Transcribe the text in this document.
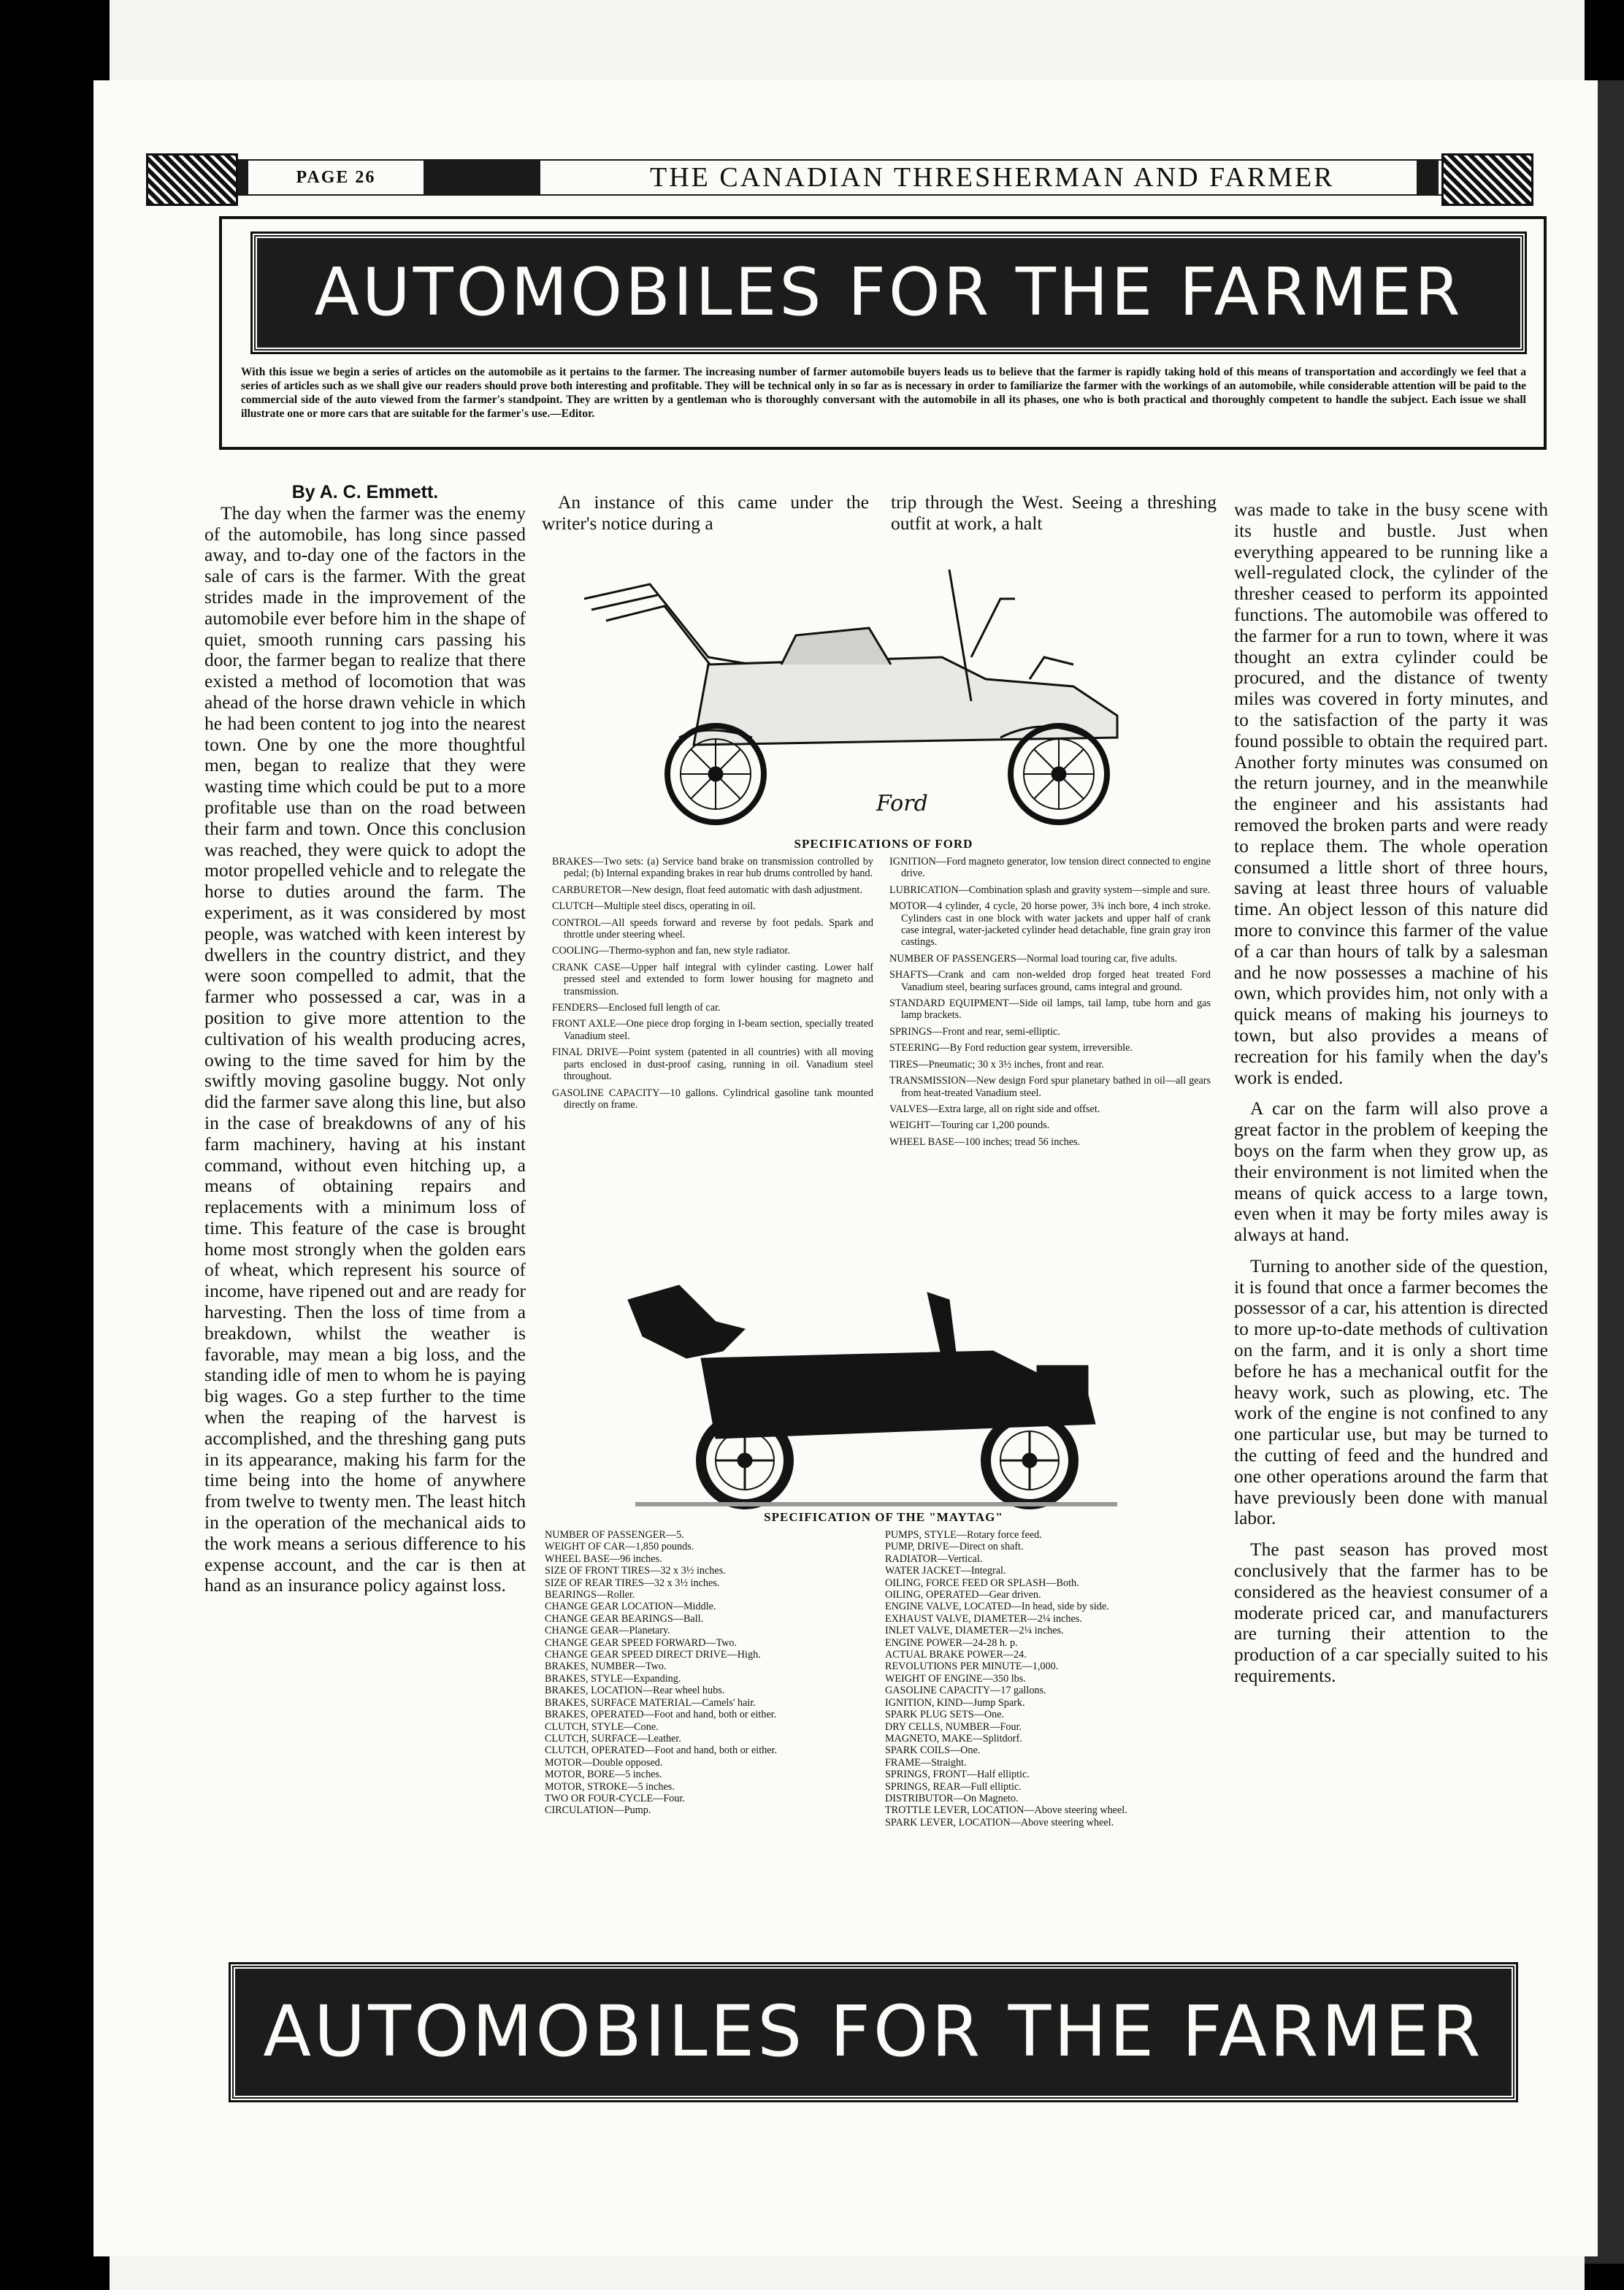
PAGE 26	THE CANADIAN THRESHERMAN AND FARMER
AUTOMOBILES FOR THE FARMER
With this issue we begin a series of articles on the automobile as it pertains to the farmer. The increasing number of farmer automobile buyers leads us to believe that the farmer is rapidly taking hold of this means of transportation and accordingly we feel that a series of articles such as we shall give our readers should prove both interesting and profitable. They will be technical only in so far as is necessary in order to familiarize the farmer with the workings of an automobile, while considerable attention will be paid to the commercial side of the auto viewed from the farmer's standpoint. They are written by a gentleman who is thoroughly conversant with the automobile in all its phases, one who is both practical and thoroughly competent to handle the subject. Each issue we shall illustrate one or more cars that are suitable for the farmer's use.—Editor.

By A. C. Emmett.

The day when the farmer was the enemy of the automobile, has long since passed away, and to-day one of the factors in the sale of cars is the farmer. With the great strides made in the improvement of the automobile ever before him in the shape of quiet, smooth running cars passing his door, the farmer began to realize that there existed a method of locomotion that was ahead of the horse drawn vehicle in which he had been content to jog into the nearest town. One by one the more thoughtful men, began to realize that they were wasting time which could be put to a more profitable use than on the road between their farm and town. Once this conclusion was reached, they were quick to adopt the motor propelled vehicle and to relegate the horse to duties around the farm. The experiment, as it was considered by most people, was watched with keen interest by dwellers in the country district, and they were soon compelled to admit, that the farmer who possessed a car, was in a position to give more attention to the cultivation of his wealth producing acres, owing to the time saved for him by the swiftly moving gasoline buggy. Not only did the farmer save along this line, but also in the case of breakdowns of any of his farm machinery, having at his instant command, without even hitching up, a means of obtaining repairs and replacements with a minimum loss of time. This feature of the case is brought home most strongly when the golden ears of wheat, which represent his source of income, have ripened out and are ready for harvesting. Then the loss of time from a breakdown, whilst the weather is favorable, may mean a big loss, and the standing idle of men to whom he is paying big wages. Go a step further to the time when the reaping of the harvest is accomplished, and the threshing gang puts in its appearance, making his farm for the time being into the home of anywhere from twelve to twenty men. The least hitch in the operation of the mechanical aids to the work means a serious difference to his expense account, and the car is then at hand as an insurance policy against loss.

An instance of this came under the writer's notice during a

trip through the West. Seeing a threshing outfit at work, a halt

was made to take in the busy scene with its hustle and bustle. Just when everything appeared to be running like a well-regulated clock, the cylinder of the thresher ceased to perform its appointed functions. The automobile was offered to the farmer for a run to town, where it was thought an extra cylinder could be procured, and the distance of twenty miles was covered in forty minutes, and to the satisfaction of the party it was found possible to obtain the required part. Another forty minutes was consumed on the return journey, and in the meanwhile the engineer and his assistants had removed the broken parts and were ready to replace them. The whole operation consumed a little short of three hours, saving at least three hours of valuable time. An object lesson of this nature did more to convince this farmer of the value of a car than hours of talk by a salesman and he now possesses a machine of his own, which provides him, not only with a quick means of making his journeys to town, but also provides a means of recreation for his family when the day's work is ended.

A car on the farm will also prove a great factor in the problem of keeping the boys on the farm when they grow up, as their environment is not limited when the means of quick access to a large town, even when it may be forty miles away is always at hand.

Turning to another side of the question, it is found that once a farmer becomes the possessor of a car, his attention is directed to more up-to-date methods of cultivation on the farm, and it is only a short time before he has a mechanical outfit for the heavy work, such as plowing, etc. The work of the engine is not confined to any one particular use, but may be turned to the cutting of feed and the hundred and one other operations around the farm that have previously been done with manual labor.

The past season has proved most conclusively that the farmer has to be considered as the heaviest consumer of a moderate priced car, and manufacturers are turning their attention to the production of a car specially suited to his requirements.

Ford
SPECIFICATIONS OF FORD
BRAKES—Two sets: (a) Service band brake on transmission controlled by pedal; (b) Internal expanding brakes in rear hub drums controlled by hand.
CARBURETOR—New design, float feed automatic with dash adjustment.
CLUTCH—Multiple steel discs, operating in oil.
CONTROL—All speeds forward and reverse by foot pedals. Spark and throttle under steering wheel.
COOLING—Thermo-syphon and fan, new style radiator.
CRANK CASE—Upper half integral with cylinder casting. Lower half pressed steel and extended to form lower housing for magneto and transmission.
FENDERS—Enclosed full length of car.
FRONT AXLE—One piece drop forging in I-beam section, specially treated Vanadium steel.
FINAL DRIVE—Point system (patented in all countries) with all moving parts enclosed in dust-proof casing, running in oil. Vanadium steel throughout.
GASOLINE CAPACITY—10 gallons. Cylindrical gasoline tank mounted directly on frame.
IGNITION—Ford magneto generator, low tension direct connected to engine drive.
LUBRICATION—Combination splash and gravity system—simple and sure.
MOTOR—4 cylinder, 4 cycle, 20 horse power, 3¾ inch bore, 4 inch stroke. Cylinders cast in one block with water jackets and upper half of crank case integral, water-jacketed cylinder head detachable, fine grain gray iron castings.
NUMBER OF PASSENGERS—Normal load touring car, five adults.
SHAFTS—Crank and cam non-welded drop forged heat treated Ford Vanadium steel, bearing surfaces ground, cams integral and ground.
STANDARD EQUIPMENT—Side oil lamps, tail lamp, tube horn and gas lamp brackets.
SPRINGS—Front and rear, semi-elliptic.
STEERING—By Ford reduction gear system, irreversible.
TIRES—Pneumatic; 30 x 3½ inches, front and rear.
TRANSMISSION—New design Ford spur planetary bathed in oil—all gears from heat-treated Vanadium steel.
VALVES—Extra large, all on right side and offset.
WEIGHT—Touring car 1,200 pounds.
WHEEL BASE—100 inches; tread 56 inches.
SPECIFICATION OF THE "MAYTAG"
NUMBER OF PASSENGER—5.
WEIGHT OF CAR—1,850 pounds.
WHEEL BASE—96 inches.
SIZE OF FRONT TIRES—32 x 3½ inches.
SIZE OF REAR TIRES—32 x 3½ inches.
BEARINGS—Roller.
CHANGE GEAR LOCATION—Middle.
CHANGE GEAR BEARINGS—Ball.
CHANGE GEAR—Planetary.
CHANGE GEAR SPEED FORWARD—Two.
CHANGE GEAR SPEED DIRECT DRIVE—High.
BRAKES, NUMBER—Two.
BRAKES, STYLE—Expanding.
BRAKES, LOCATION—Rear wheel hubs.
BRAKES, SURFACE MATERIAL—Camels' hair.
BRAKES, OPERATED—Foot and hand, both or either.
CLUTCH, STYLE—Cone.
CLUTCH, SURFACE—Leather.
CLUTCH, OPERATED—Foot and hand, both or either.
MOTOR—Double opposed.
MOTOR, BORE—5 inches.
MOTOR, STROKE—5 inches.
TWO OR FOUR-CYCLE—Four.
CIRCULATION—Pump.
PUMPS, STYLE—Rotary force feed.
PUMP, DRIVE—Direct on shaft.
RADIATOR—Vertical.
WATER JACKET—Integral.
OILING, FORCE FEED OR SPLASH—Both.
OILING, OPERATED—Gear driven.
ENGINE VALVE, LOCATED—In head, side by side.
EXHAUST VALVE, DIAMETER—2¼ inches.
INLET VALVE, DIAMETER—2¼ inches.
ENGINE POWER—24-28 h. p.
ACTUAL BRAKE POWER—24.
REVOLUTIONS PER MINUTE—1,000.
WEIGHT OF ENGINE—350 lbs.
GASOLINE CAPACITY—17 gallons.
IGNITION, KIND—Jump Spark.
SPARK PLUG SETS—One.
DRY CELLS, NUMBER—Four.
MAGNETO, MAKE—Splitdorf.
SPARK COILS—One.
FRAME—Straight.
SPRINGS, FRONT—Half elliptic.
SPRINGS, REAR—Full elliptic.
DISTRIBUTOR—On Magneto.
TROTTLE LEVER, LOCATION—Above steering wheel.
SPARK LEVER, LOCATION—Above steering wheel.
AUTOMOBILES FOR THE FARMER
